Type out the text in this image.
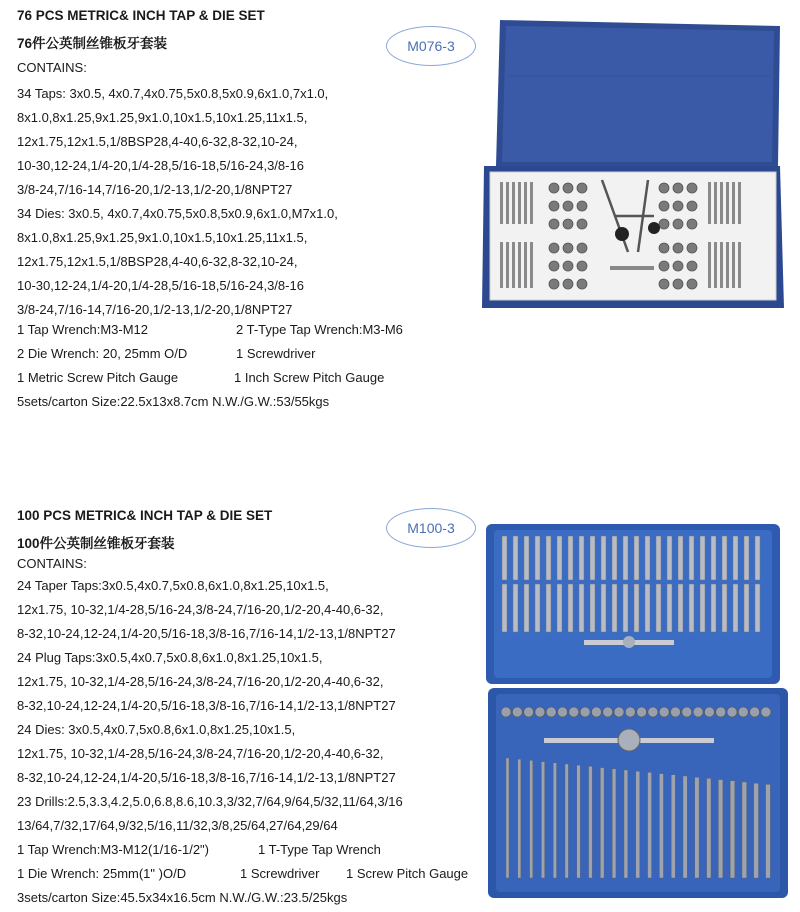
76 PCS METRIC& INCH TAP & DIE SET
76件公英制丝锥板牙套装
CONTAINS:
34 Taps: 3x0.5, 4x0.7,4x0.75,5x0.8,5x0.9,6x1.0,7x1.0,
8x1.0,8x1.25,9x1.25,9x1.0,10x1.5,10x1.25,11x1.5,
12x1.75,12x1.5,1/8BSP28,4-40,6-32,8-32,10-24,
10-30,12-24,1/4-20,1/4-28,5/16-18,5/16-24,3/8-16
3/8-24,7/16-14,7/16-20,1/2-13,1/2-20,1/8NPT27
34 Dies: 3x0.5, 4x0.7,4x0.75,5x0.8,5x0.9,6x1.0,M7x1.0,
8x1.0,8x1.25,9x1.25,9x1.0,10x1.5,10x1.25,11x1.5,
12x1.75,12x1.5,1/8BSP28,4-40,6-32,8-32,10-24,
10-30,12-24,1/4-20,1/4-28,5/16-18,5/16-24,3/8-16
3/8-24,7/16-14,7/16-20,1/2-13,1/2-20,1/8NPT27
1 Tap Wrench:M3-M12	2 T-Type Tap Wrench:M3-M6
2 Die Wrench: 20, 25mm O/D	1 Screwdriver
1 Metric Screw Pitch Gauge	1 Inch Screw Pitch Gauge
5sets/carton Size:22.5x13x8.7cm N.W./G.W.:53/55kgs
M076-3
100 PCS METRIC& INCH TAP & DIE SET
100件公英制丝锥板牙套装
CONTAINS:
24 Taper Taps:3x0.5,4x0.7,5x0.8,6x1.0,8x1.25,10x1.5,
12x1.75, 10-32,1/4-28,5/16-24,3/8-24,7/16-20,1/2-20,4-40,6-32,
8-32,10-24,12-24,1/4-20,5/16-18,3/8-16,7/16-14,1/2-13,1/8NPT27
24 Plug Taps:3x0.5,4x0.7,5x0.8,6x1.0,8x1.25,10x1.5,
12x1.75, 10-32,1/4-28,5/16-24,3/8-24,7/16-20,1/2-20,4-40,6-32,
8-32,10-24,12-24,1/4-20,5/16-18,3/8-16,7/16-14,1/2-13,1/8NPT27
24 Dies: 3x0.5,4x0.7,5x0.8,6x1.0,8x1.25,10x1.5,
12x1.75, 10-32,1/4-28,5/16-24,3/8-24,7/16-20,1/2-20,4-40,6-32,
8-32,10-24,12-24,1/4-20,5/16-18,3/8-16,7/16-14,1/2-13,1/8NPT27
23 Drills:2.5,3.3,4.2,5.0,6.8,8.6,10.3,3/32,7/64,9/64,5/32,11/64,3/16
13/64,7/32,17/64,9/32,5/16,11/32,3/8,25/64,27/64,29/64
1 Tap Wrench:M3-M12(1/16-1/2")	1 T-Type Tap Wrench
1 Die Wrench: 25mm(1" )O/D	1 Screwdriver 1 Screw Pitch Gauge
3sets/carton Size:45.5x34x16.5cm N.W./G.W.:23.5/25kgs
M100-3
